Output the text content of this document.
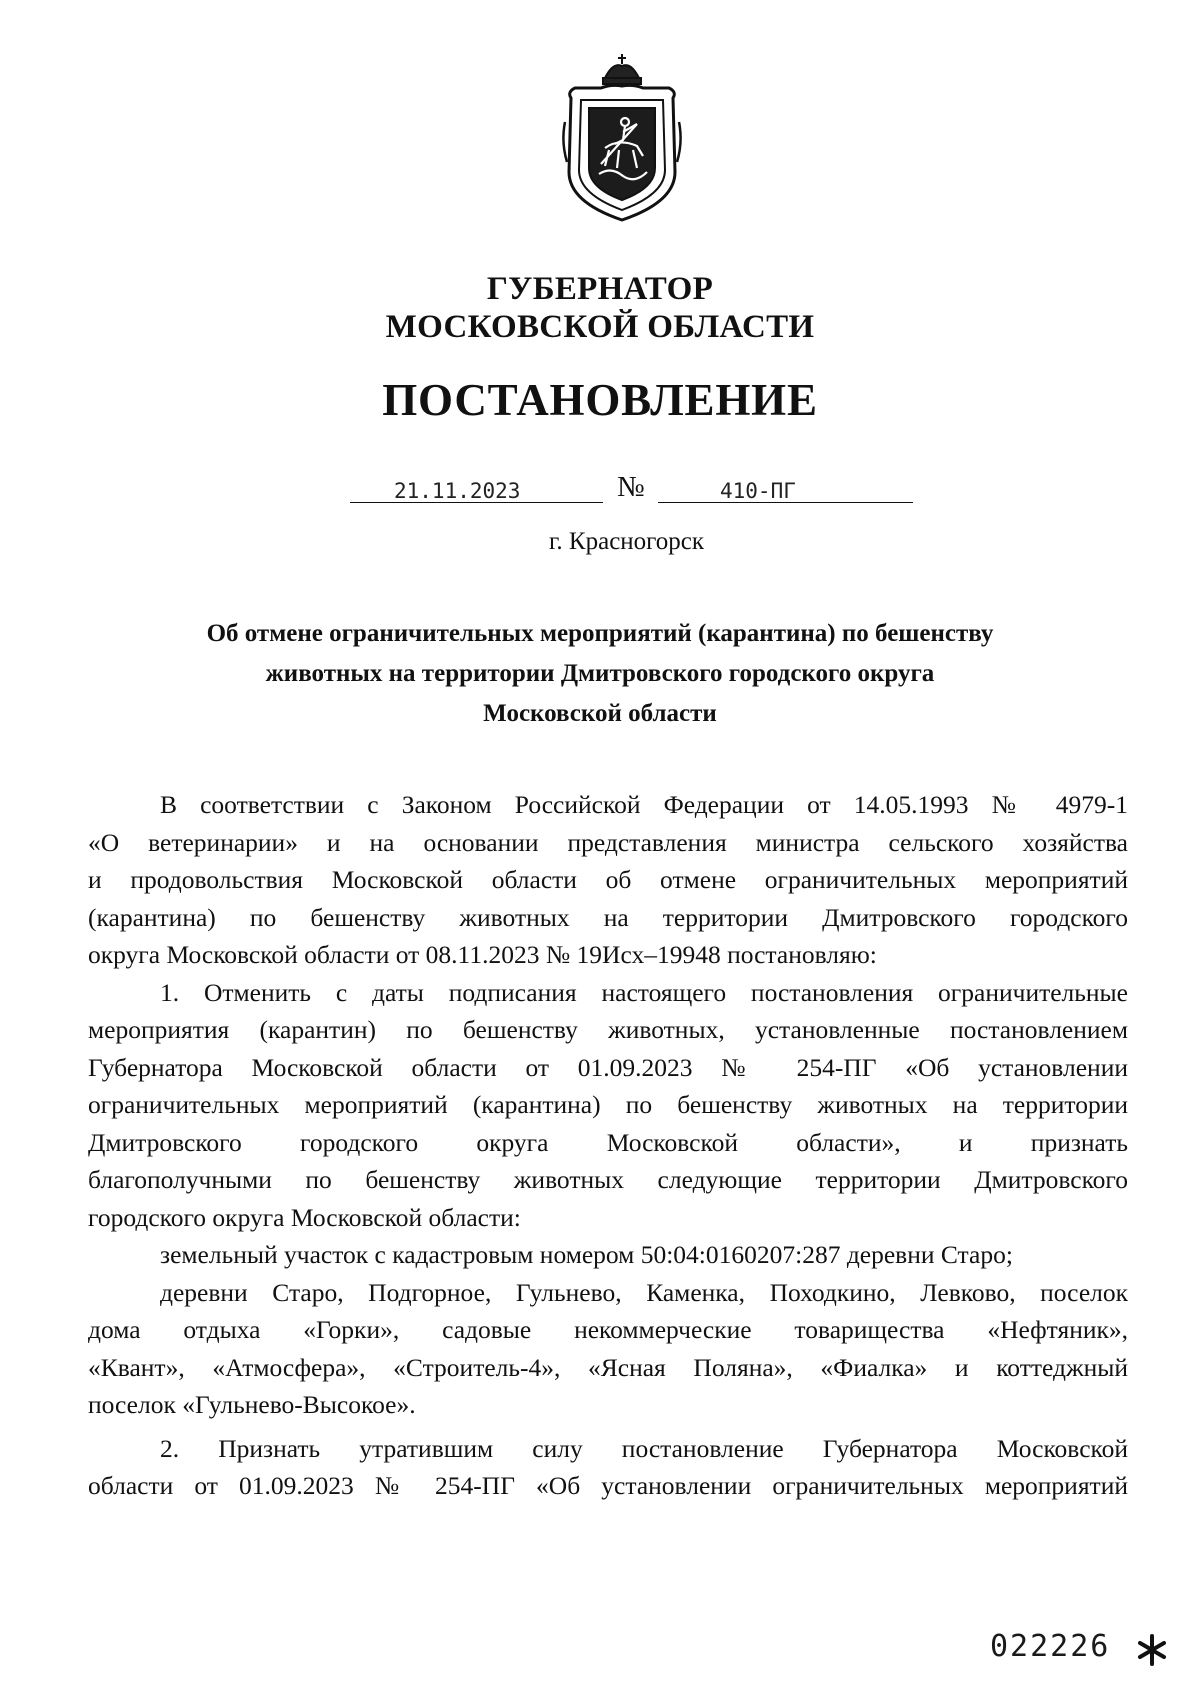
ГУБЕРНАТОР
МОСКОВСКОЙ ОБЛАСТИ
ПОСТАНОВЛЕНИЕ
21.11.2023	№	410-ПГ
г. Красногорск
Об отмене ограничительных мероприятий (карантина) по бешенству
животных на территории Дмитровского городского округа
Московской области
В соответствии с Законом Российской Федерации от 14.05.1993 № 4979-1
«О ветеринарии» и на основании представления министра сельского хозяйства
и продовольствия Московской области об отмене ограничительных мероприятий
(карантина) по бешенству животных на территории Дмитровского городского
округа Московской области от 08.11.2023 № 19Исх–19948 постановляю:
1. Отменить с даты подписания настоящего постановления ограничительные
мероприятия (карантин) по бешенству животных, установленные постановлением
Губернатора Московской области от 01.09.2023 № 254-ПГ «Об установлении
ограничительных мероприятий (карантина) по бешенству животных на территории
Дмитровского городского округа Московской области», и признать
благополучными по бешенству животных следующие территории Дмитровского
городского округа Московской области:
земельный участок с кадастровым номером 50:04:0160207:287 деревни Старо;
деревни Старо, Подгорное, Гульнево, Каменка, Походкино, Левково, поселок
дома отдыха «Горки», садовые некоммерческие товарищества «Нефтяник»,
«Квант», «Атмосфера», «Строитель-4», «Ясная Поляна», «Фиалка» и коттеджный
поселок «Гульнево-Высокое».
2. Признать утратившим силу постановление Губернатора Московской
области от 01.09.2023 № 254-ПГ «Об установлении ограничительных мероприятий
022226
